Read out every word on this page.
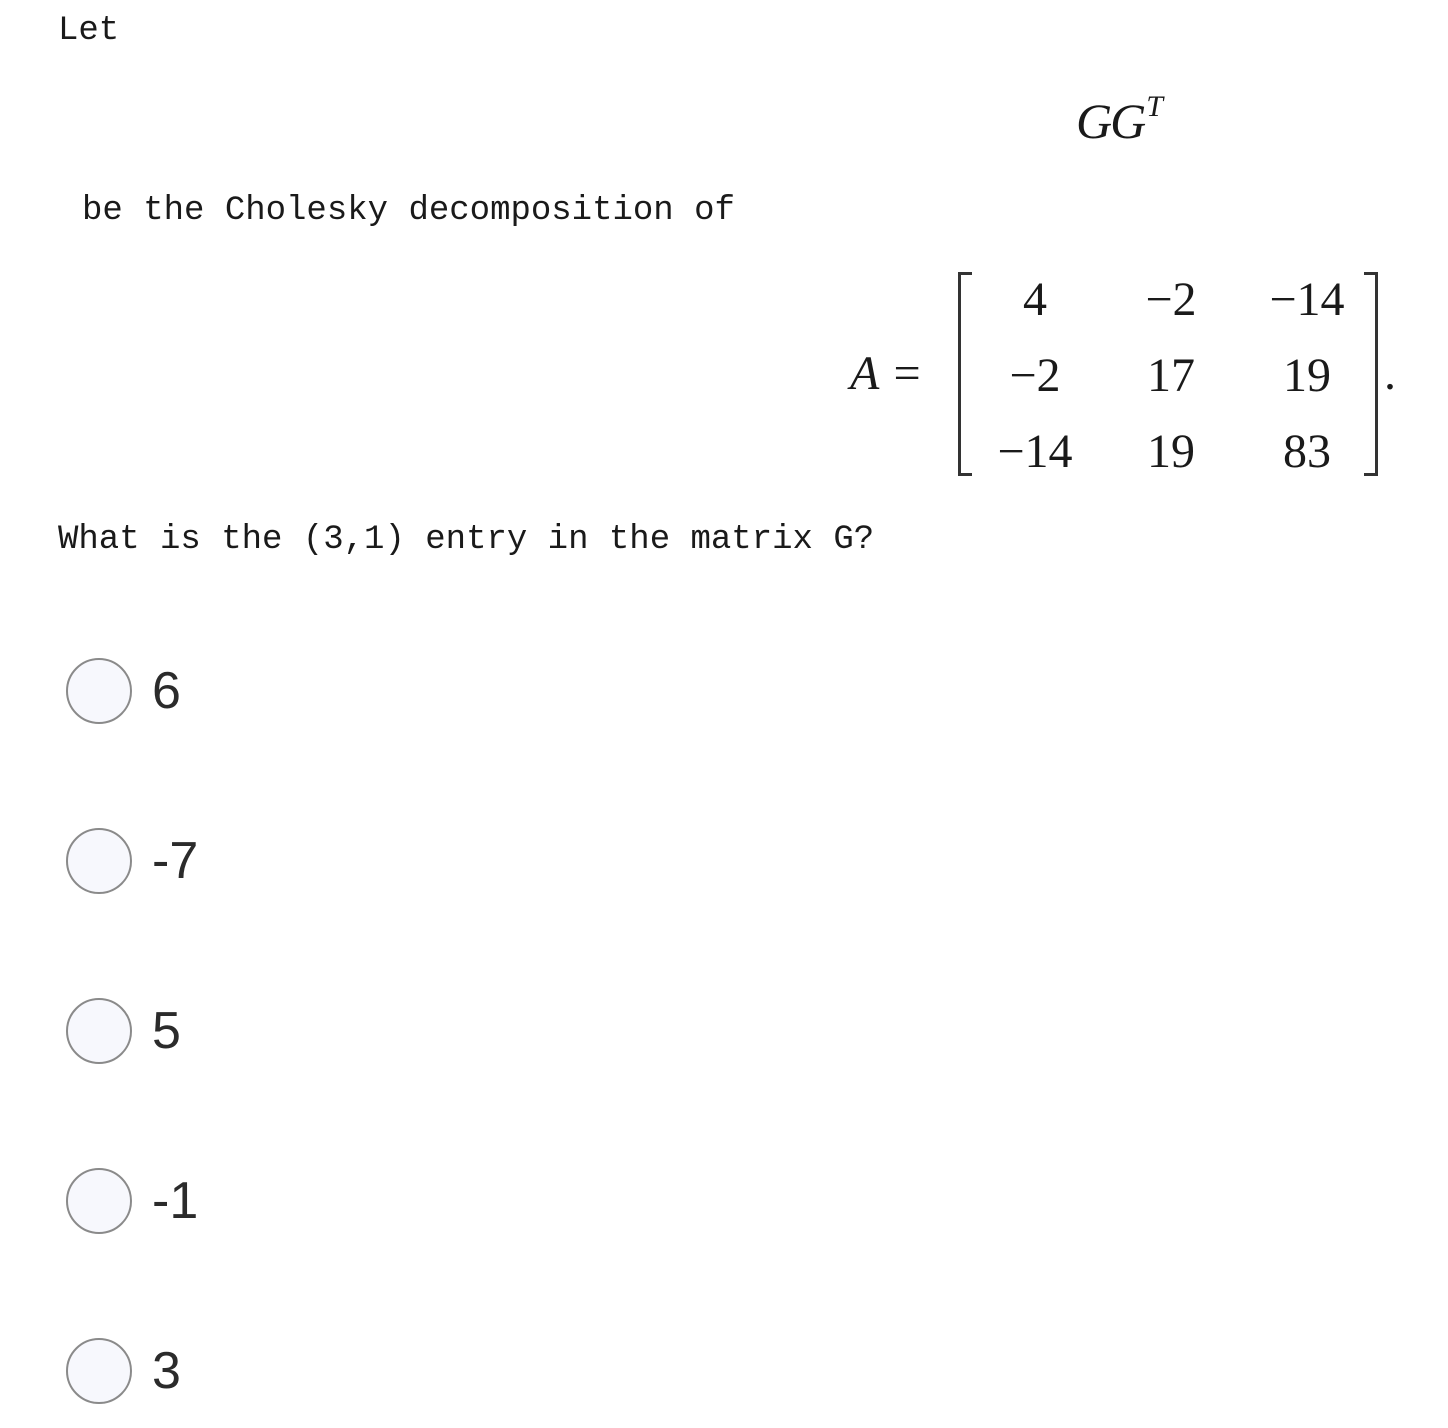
Let
$GG^T$
be the Cholesky decomposition of
A =
4	−2	−14
−2	17	19
−14	19	83
.
What is the (3,1) entry in the matrix G?
6
-7
5
-1
3
